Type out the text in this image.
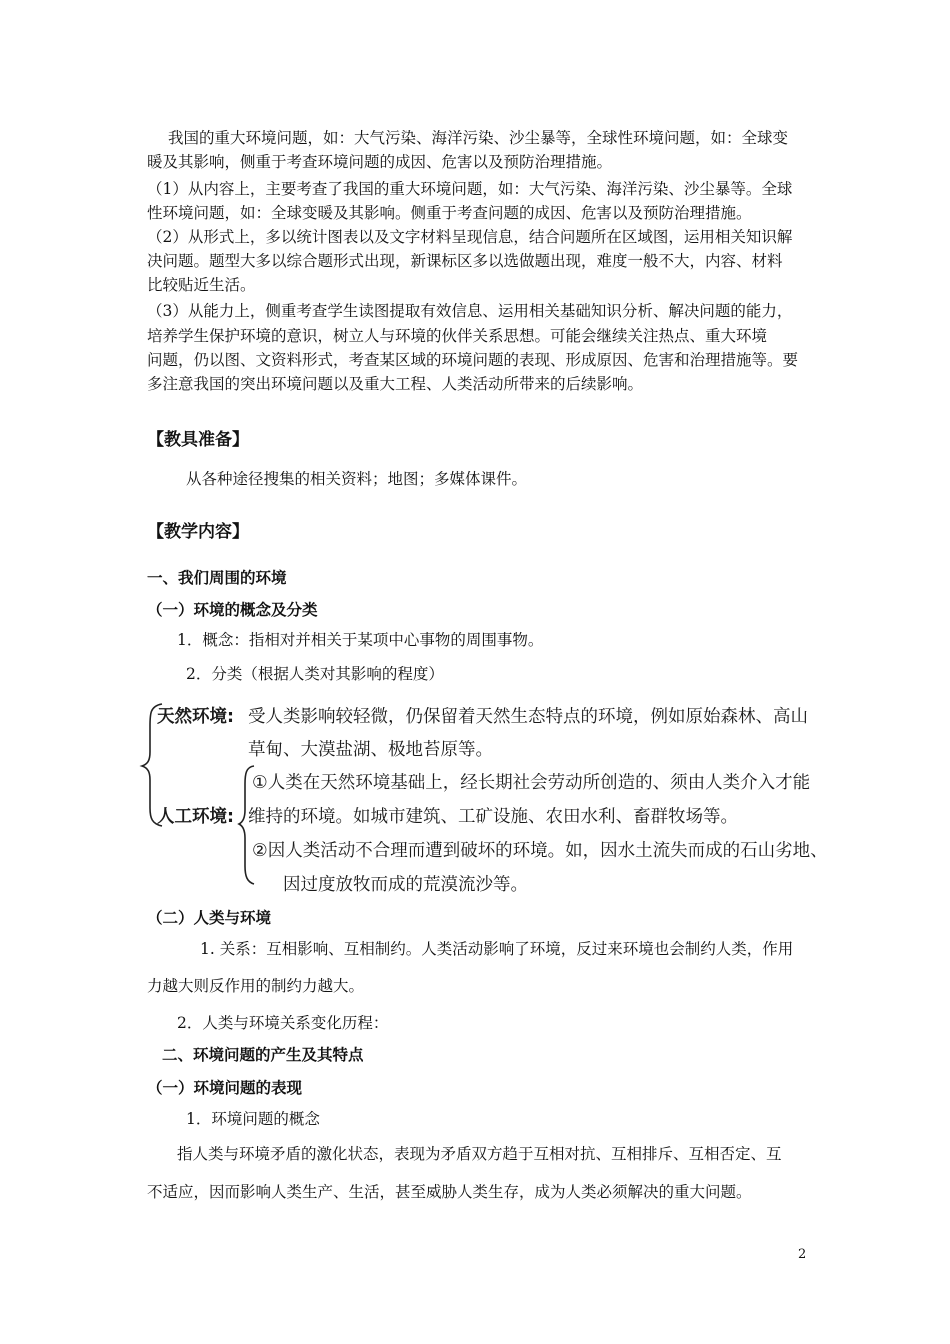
我国的重大环境问题，如：大气污染、海洋污染、沙尘暴等，全球性环境问题，如：全球变
暖及其影响，侧重于考查环境问题的成因、危害以及预防治理措施。
（1）从内容上，主要考查了我国的重大环境问题，如：大气污染、海洋污染、沙尘暴等。全球
性环境问题，如：全球变暖及其影响。侧重于考查问题的成因、危害以及预防治理措施。
（2）从形式上，多以统计图表以及文字材料呈现信息，结合问题所在区域图，运用相关知识解
决问题。题型大多以综合题形式出现，新课标区多以选做题出现，难度一般不大，内容、材料
比较贴近生活。
（3）从能力上，侧重考查学生读图提取有效信息、运用相关基础知识分析、解决问题的能力，
培养学生保护环境的意识，树立人与环境的伙伴关系思想。可能会继续关注热点、重大环境
问题，仍以图、文资料形式，考查某区域的环境问题的表现、形成原因、危害和治理措施等。要
多注意我国的突出环境问题以及重大工程、人类活动所带来的后续影响。
【教具准备】
从各种途径搜集的相关资料；地图；多媒体课件。
【教学内容】
一、我们周围的环境
（一）环境的概念及分类
1．概念：指相对并相关于某项中心事物的周围事物。
2．分类（根据人类对其影响的程度）
天然环境: 受人类影响较轻微，仍保留着天然生态特点的环境，例如原始森林、高山
草甸、大漠盐湖、极地苔原等。
人工环境:
①人类在天然环境基础上，经长期社会劳动所创造的、须由人类介入才能
维持的环境。如城市建筑、工矿设施、农田水利、畜群牧场等。
②因人类活动不合理而遭到破坏的环境。如，因水土流失而成的石山劣地、
因过度放牧而成的荒漠流沙等。
（二）人类与环境
1. 关系：互相影响、互相制约。人类活动影响了环境，反过来环境也会制约人类，作用
力越大则反作用的制约力越大。
2．人类与环境关系变化历程：
二、环境问题的产生及其特点
（一）环境问题的表现
1．环境问题的概念
指人类与环境矛盾的激化状态，表现为矛盾双方趋于互相对抗、互相排斥、互相否定、互
不适应，因而影响人类生产、生活，甚至威胁人类生存，成为人类必须解决的重大问题。
2
